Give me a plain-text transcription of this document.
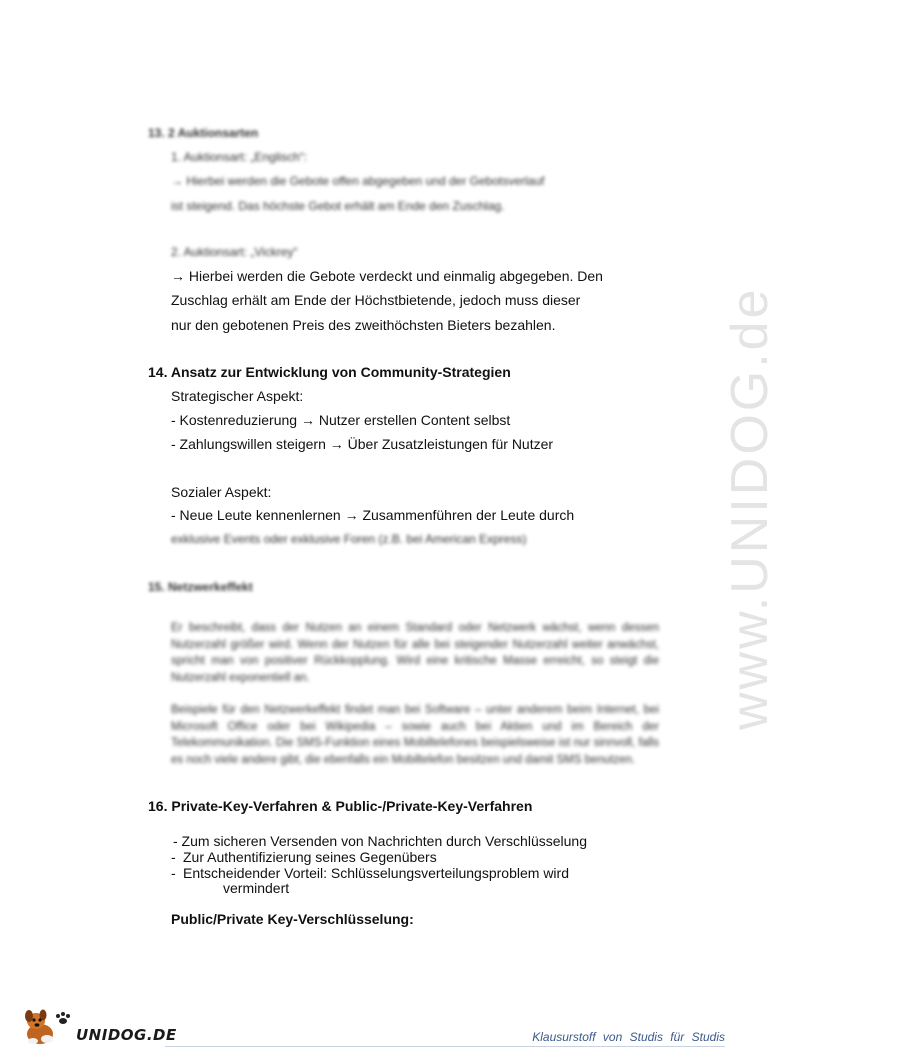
www.UNIDOG.de
13. 2 Auktionsarten
1. Auktionsart: „Englisch“:
→ Hierbei werden die Gebote offen abgegeben und der Gebotsverlauf
ist steigend. Das höchste Gebot erhält am Ende den Zuschlag.
2. Auktionsart: „Vickrey“
→ Hierbei werden die Gebote verdeckt und einmalig abgegeben. Den
Zuschlag erhält am Ende der Höchstbietende, jedoch muss dieser
nur den gebotenen Preis des zweithöchsten Bieters bezahlen.
14. Ansatz zur Entwicklung von Community-Strategien
Strategischer Aspekt:
- Kostenreduzierung → Nutzer erstellen Content selbst
- Zahlungswillen steigern → Über Zusatzleistungen für Nutzer
Sozialer Aspekt:
- Neue Leute kennenlernen → Zusammenführen der Leute durch
exklusive Events oder exklusive Foren (z.B. bei American Express)
15. Netzwerkeffekt
Er beschreibt, dass der Nutzen an einem Standard oder Netzwerk wächst, wenn dessen Nutzerzahl größer wird. Wenn der Nutzen für alle bei steigender Nutzerzahl weiter anwächst, spricht man von positiver Rückkopplung. Wird eine kritische Masse erreicht, so steigt die Nutzerzahl exponentiell an.
Beispiele für den Netzwerkeffekt findet man bei Software – unter anderem beim Internet, bei Microsoft Office oder bei Wikipedia – sowie auch bei Aktien und im Bereich der Telekommunikation. Die SMS-Funktion eines Mobiltelefones beispielsweise ist nur sinnvoll, falls es noch viele andere gibt, die ebenfalls ein Mobiltelefon besitzen und damit SMS benutzen.
16. Private-Key-Verfahren & Public-/Private-Key-Verfahren
- Zum sicheren Versenden von Nachrichten durch Verschlüsselung
- Zur Authentifizierung seines Gegenübers
- Entscheidender Vorteil: Schlüsselungsverteilungsproblem wird
vermindert
Public/Private Key-Verschlüsselung:
UNIDOG.DE	Klausurstoff von Studis für Studis
